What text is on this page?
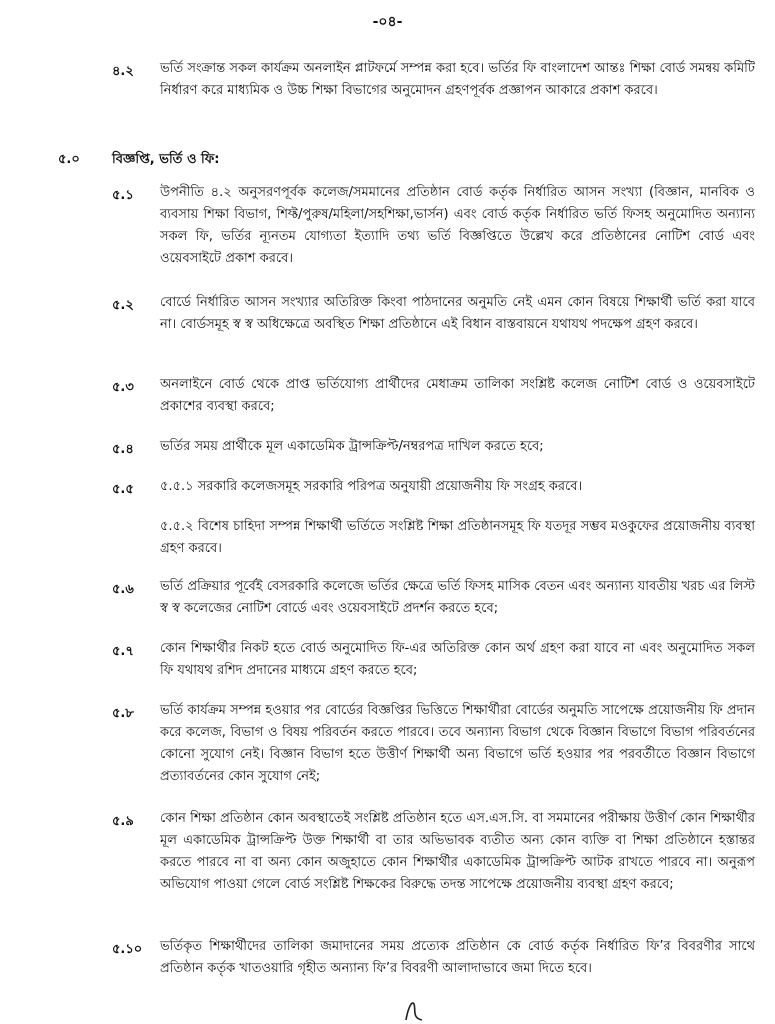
-০৪-
৪.২ ভর্তি সংক্রান্ত সকল কার্যক্রম অনলাইন প্লাটফর্মে সম্পন্ন করা হবে। ভর্তির ফি বাংলাদেশ আন্তঃ শিক্ষা বোর্ড সমন্বয় কমিটি নির্ধারণ করে মাধ্যমিক ও উচ্চ শিক্ষা বিভাগের অনুমোদন গ্রহণপূর্বক প্রজ্ঞাপন আকারে প্রকাশ করবে।
৫.০ বিজ্ঞপ্তি, ভর্তি ও ফি:
৫.১ উপনীতি ৪.২ অনুসরণপূর্বক কলেজ/সমমানের প্রতিষ্ঠান বোর্ড কর্তৃক নির্ধারিত আসন সংখ্যা (বিজ্ঞান, মানবিক ও ব্যবসায় শিক্ষা বিভাগ, শিফ্ট/পুরুষ/মহিলা/সহশিক্ষা,ভার্সন) এবং বোর্ড কর্তৃক নির্ধারিত ভর্তি ফিসহ অনুমোদিত অন্যান্য সকল ফি, ভর্তির ন্যূনতম যোগ্যতা ইত্যাদি তথ্য ভর্তি বিজ্ঞপ্তিতে উল্লেখ করে প্রতিষ্ঠানের নোটিশ বোর্ড এবং ওয়েবসাইটে প্রকাশ করবে।
৫.২ বোর্ডে নির্ধারিত আসন সংখ্যার অতিরিক্ত কিংবা পাঠদানের অনুমতি নেই এমন কোন বিষয়ে শিক্ষার্থী ভর্তি করা যাবে না। বোর্ডসমূহ স্ব স্ব অধিক্ষেত্রে অবস্থিত শিক্ষা প্রতিষ্ঠানে এই বিধান বাস্তবায়নে যথাযথ পদক্ষেপ গ্রহণ করবে।
৫.৩ অনলাইনে বোর্ড থেকে প্রাপ্ত ভর্তিযোগ্য প্রার্থীদের মেধাক্রম তালিকা সংশ্লিষ্ট কলেজ নোটিশ বোর্ড ও ওয়েবসাইটে প্রকাশের ব্যবস্থা করবে;
৫.৪ ভর্তির সময় প্রার্থীকে মূল একাডেমিক ট্রান্সক্রিপ্ট/নম্বরপত্র দাখিল করতে হবে;
৫.৫ ৫.৫.১ সরকারি কলেজসমূহ সরকারি পরিপত্র অনুযায়ী প্রয়োজনীয় ফি সংগ্রহ করবে।
৫.৫.২ বিশেষ চাহিদা সম্পন্ন শিক্ষার্থী ভর্তিতে সংশ্লিষ্ট শিক্ষা প্রতিষ্ঠানসমূহ ফি যতদূর সম্ভব মওকুফের প্রয়োজনীয় ব্যবস্থা গ্রহণ করবে।
৫.৬ ভর্তি প্রক্রিয়ার পূর্বেই বেসরকারি কলেজে ভর্তির ক্ষেত্রে ভর্তি ফিসহ মাসিক বেতন এবং অন্যান্য যাবতীয় খরচ এর লিস্ট স্ব স্ব কলেজের নোটিশ বোর্ডে এবং ওয়েবসাইটে প্রদর্শন করতে হবে;
৫.৭ কোন শিক্ষার্থীর নিকট হতে বোর্ড অনুমোদিত ফি-এর অতিরিক্ত কোন অর্থ গ্রহণ করা যাবে না এবং অনুমোদিত সকল ফি যথাযথ রশিদ প্রদানের মাধ্যমে গ্রহণ করতে হবে;
৫.৮ ভর্তি কার্যক্রম সম্পন্ন হওয়ার পর বোর্ডের বিজ্ঞপ্তির ভিত্তিতে শিক্ষার্থীরা বোর্ডের অনুমতি সাপেক্ষে প্রয়োজনীয় ফি প্রদান করে কলেজ, বিভাগ ও বিষয় পরিবর্তন করতে পারবে। তবে অন্যান্য বিভাগ থেকে বিজ্ঞান বিভাগে বিভাগ পরিবর্তনের কোনো সুযোগ নেই। বিজ্ঞান বিভাগ হতে উত্তীর্ণ শিক্ষার্থী অন্য বিভাগে ভর্তি হওয়ার পর পরবর্তীতে বিজ্ঞান বিভাগে প্রত্যাবর্তনের কোন সুযোগ নেই;
৫.৯ কোন শিক্ষা প্রতিষ্ঠান কোন অবস্থাতেই সংশ্লিষ্ট প্রতিষ্ঠান হতে এস.এস.সি. বা সমমানের পরীক্ষায় উত্তীর্ণ কোন শিক্ষার্থীর মূল একাডেমিক ট্রান্সক্রিপ্ট উক্ত শিক্ষার্থী বা তার অভিভাবক ব্যতীত অন্য কোন ব্যক্তি বা শিক্ষা প্রতিষ্ঠানে হস্তান্তর করতে পারবে না বা অন্য কোন অজুহাতে কোন শিক্ষার্থীর একাডেমিক ট্রান্সক্রিপ্ট আটক রাখতে পারবে না। অনুরূপ অভিযোগ পাওয়া গেলে বোর্ড সংশ্লিষ্ট শিক্ষকের বিরুদ্ধে তদন্ত সাপেক্ষে প্রয়োজনীয় ব্যবস্থা গ্রহণ করবে;
৫.১০ ভর্তিকৃত শিক্ষার্থীদের তালিকা জমাদানের সময় প্রত্যেক প্রতিষ্ঠান কে বোর্ড কর্তৃক নির্ধারিত ফি’র বিবরণীর সাথে প্রতিষ্ঠান কর্তৃক খাতওয়ারি গৃহীত অন্যান্য ফি’র বিবরণী আলাদাভাবে জমা দিতে হবে।
